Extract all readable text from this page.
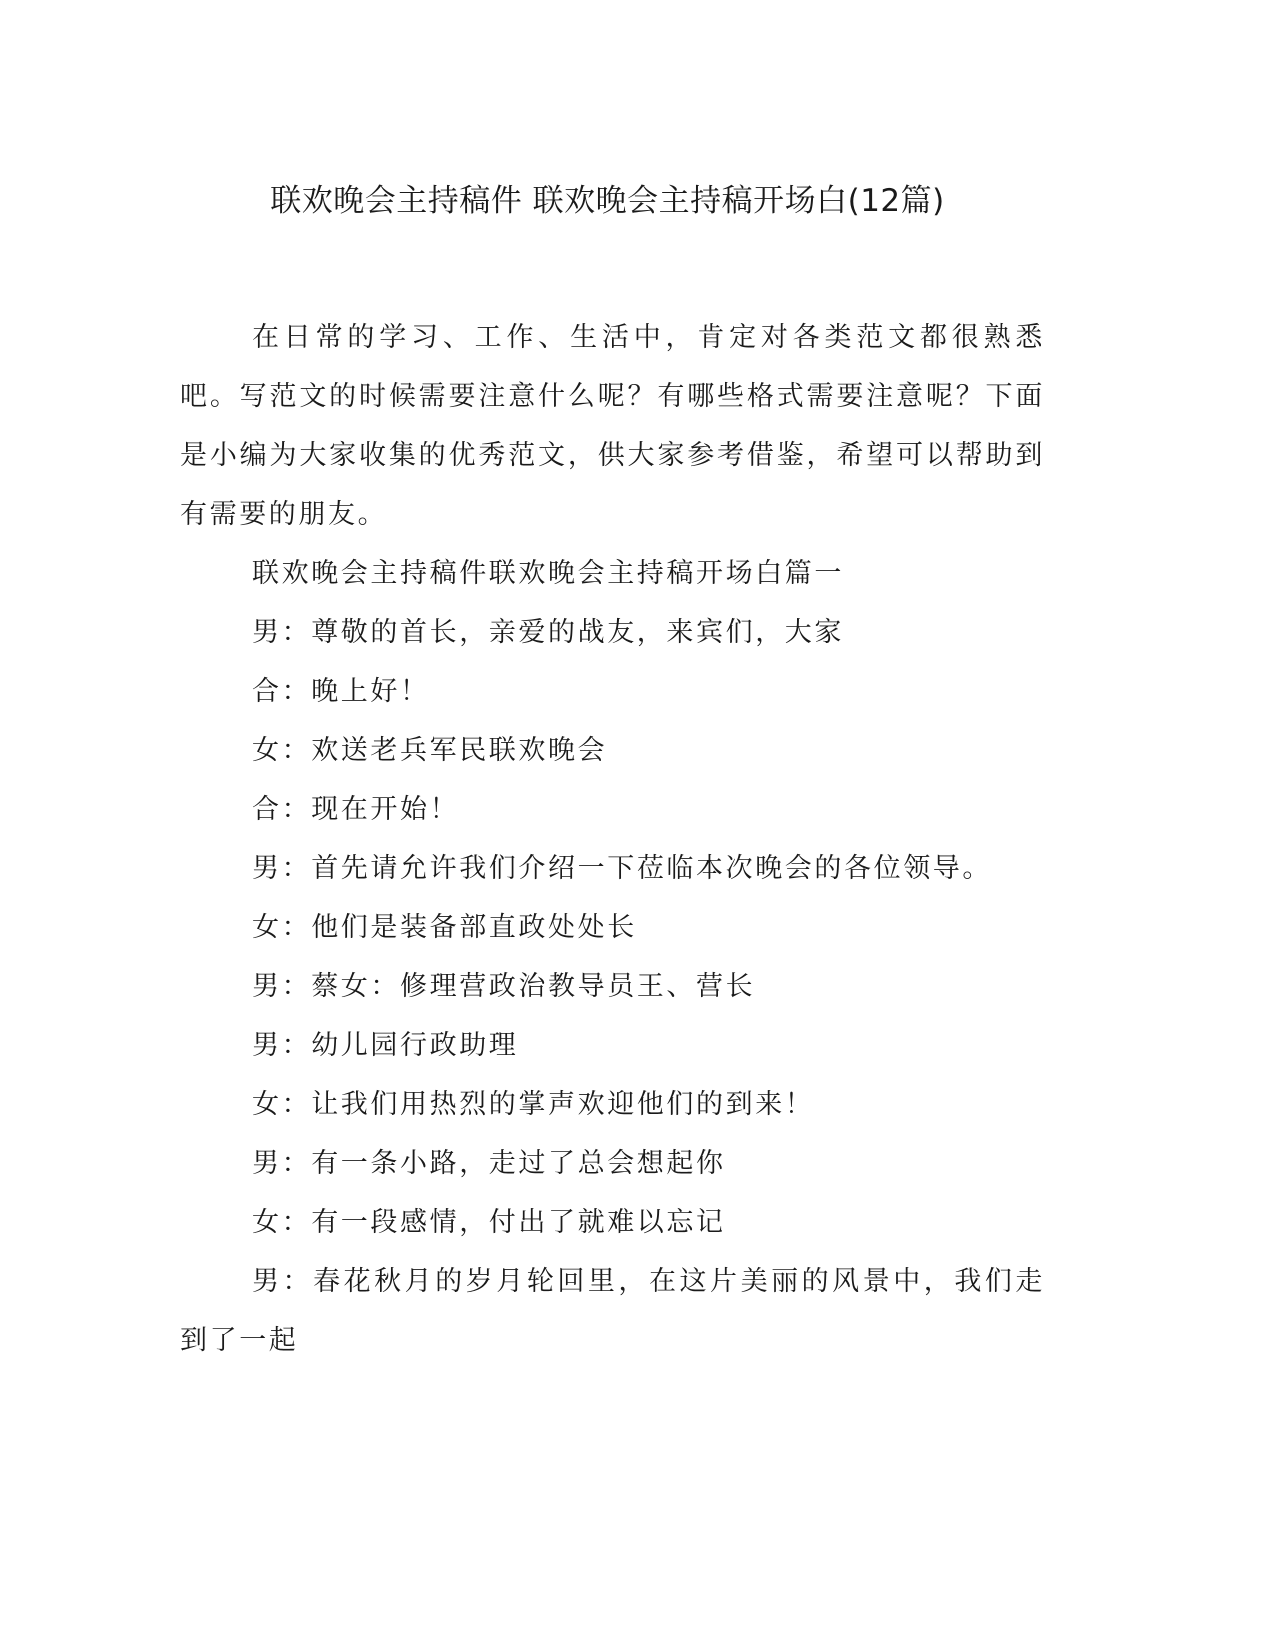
联欢晚会主持稿件 联欢晚会主持稿开场白(12篇)

在日常的学习、工作、生活中，肯定对各类范文都很熟悉吧。写范文的时候需要注意什么呢？有哪些格式需要注意呢？下面是小编为大家收集的优秀范文，供大家参考借鉴，希望可以帮助到有需要的朋友。

联欢晚会主持稿件联欢晚会主持稿开场白篇一

男：尊敬的首长，亲爱的战友，来宾们，大家

合：晚上好！

女：欢送老兵军民联欢晚会

合：现在开始！

男：首先请允许我们介绍一下莅临本次晚会的各位领导。

女：他们是装备部直政处处长

男：蔡女：修理营政治教导员王、营长

男：幼儿园行政助理

女：让我们用热烈的掌声欢迎他们的到来！

男：有一条小路，走过了总会想起你

女：有一段感情，付出了就难以忘记

男：春花秋月的岁月轮回里，在这片美丽的风景中，我们走到了一起
